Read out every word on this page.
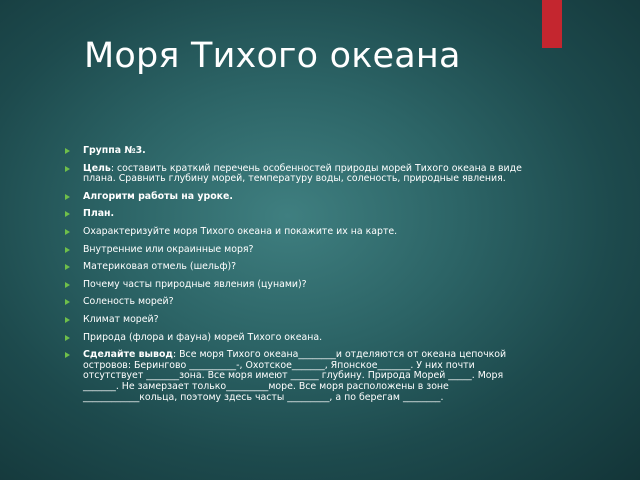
Моря Тихого океана
Группа №3.
Цель: составить краткий перечень особенностей природы морей Тихого океана в виде плана. Сравнить глубину морей, температуру воды, соленость, природные явления.
Алгоритм работы на уроке.
План.
Охарактеризуйте моря Тихого океана и покажите их на карте.
Внутренние или окраинные моря?
Материковая отмель (шельф)?
Почему часты природные явления (цунами)?
Соленость морей?
Климат морей?
Природа (флора и фауна) морей Тихого океана.
Сделайте вывод: Все моря Тихого океана________и отделяются от океана цепочкой островов: Берингово __________-, Охотское_______, Японское_______. У них почти отсутствует _______зона. Все моря имеют ______ глубину. Природа Морей _____. Моря _______. Не замерзает только_________море. Все моря расположены в зоне ____________кольца, поэтому здесь часты _________, а по берегам ________.
